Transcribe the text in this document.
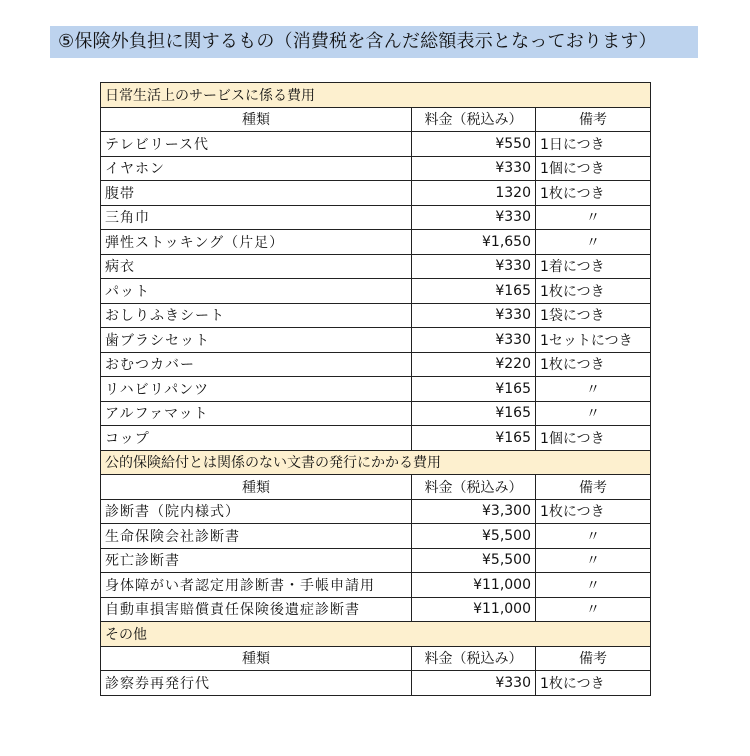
⑤保険外負担に関するもの（消費税を含んだ総額表示となっております）
日常生活上のサービスに係る費用		
種類	料金（税込み）	備考
テレビリース代	¥550	1日につき
イヤホン	¥330	1個につき
腹帯	1320	1枚につき
三角巾	¥330	〃
弾性ストッキング（片足）	¥1,650	〃
病衣	¥330	1着につき
パット	¥165	1枚につき
おしりふきシート	¥330	1袋につき
歯ブラシセット	¥330	1セットにつき
おむつカバー	¥220	1枚につき
リハビリパンツ	¥165	〃
アルファマット	¥165	〃
コップ	¥165	1個につき
公的保険給付とは関係のない文書の発行にかかる費用		
種類	料金（税込み）	備考
診断書（院内様式）	¥3,300	1枚につき
生命保険会社診断書	¥5,500	〃
死亡診断書	¥5,500	〃
身体障がい者認定用診断書・手帳申請用	¥11,000	〃
自動車損害賠償責任保険後遺症診断書	¥11,000	〃
その他		
種類	料金（税込み）	備考
診察券再発行代	¥330	1枚につき
